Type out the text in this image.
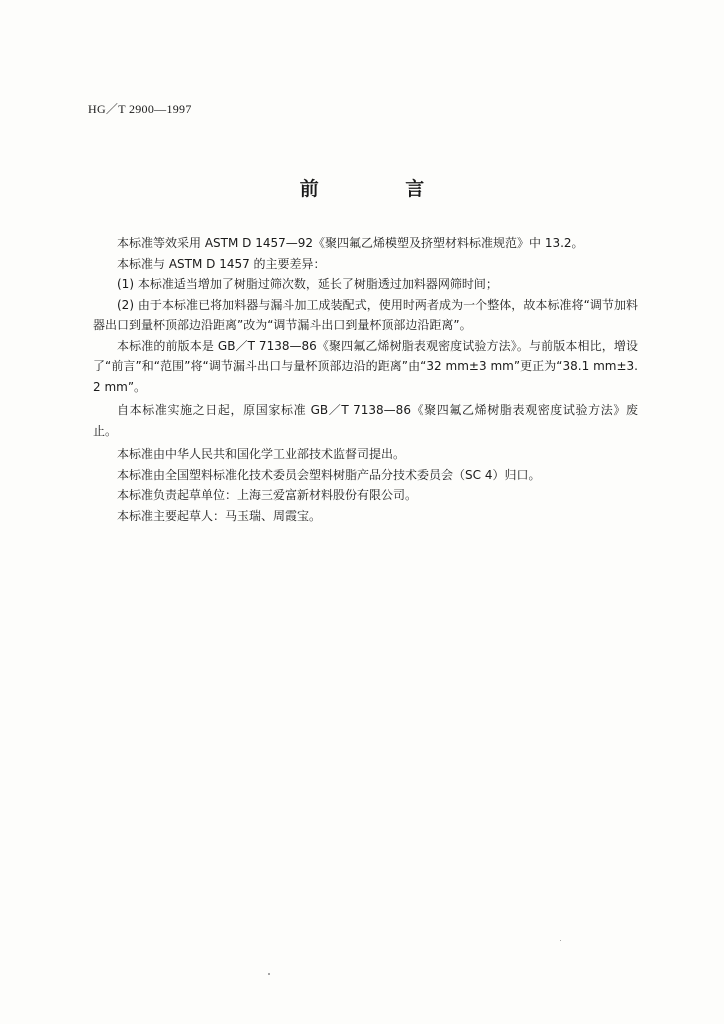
HG／T 2900—1997
前 言

本标准等效采用 ASTM D 1457—92《聚四氟乙烯模塑及挤塑材料标准规范》中 13.2。

本标准与 ASTM D 1457 的主要差异：

(1) 本标准适当增加了树脂过筛次数，延长了树脂透过加料器网筛时间；

(2) 由于本标准已将加料器与漏斗加工成装配式，使用时两者成为一个整体，故本标准将“调节加料器出口到量杯顶部边沿距离”改为“调节漏斗出口到量杯顶部边沿距离”。

本标准的前版本是 GB／T 7138—86《聚四氟乙烯树脂表观密度试验方法》。与前版本相比，增设了“前言”和“范围”将“调节漏斗出口与量杯顶部边沿的距离”由“32 mm±3 mm”更正为“38.1 mm±3.2 mm”。

自本标准实施之日起，原国家标准 GB／T 7138—86《聚四氟乙烯树脂表观密度试验方法》废止。

本标准由中华人民共和国化学工业部技术监督司提出。

本标准由全国塑料标准化技术委员会塑料树脂产品分技术委员会（SC 4）归口。

本标准负责起草单位：上海三爱富新材料股份有限公司。

本标准主要起草人：马玉瑞、周霞宝。
